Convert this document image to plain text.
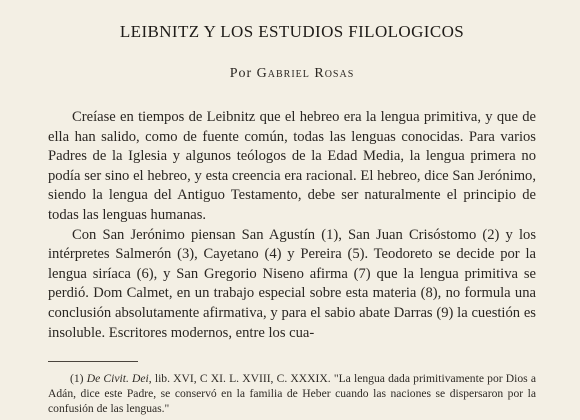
LEIBNITZ Y LOS ESTUDIOS FILOLOGICOS
Por Gabriel Rosas

Creíase en tiempos de Leibnitz que el hebreo era la lengua primitiva, y que de ella han salido, como de fuente común, todas las lenguas conocidas. Para varios Padres de la Iglesia y algunos teólogos de la Edad Media, la lengua primera no podía ser sino el hebreo, y esta creencia era racional. El hebreo, dice San Jerónimo, siendo la lengua del Antiguo Testamento, debe ser naturalmente el principio de todas las lenguas humanas.

Con San Jerónimo piensan San Agustín (1), San Juan Crisóstomo (2) y los intérpretes Salmerón (3), Cayetano (4) y Pereira (5). Teodoreto se decide por la lengua siríaca (6), y San Gregorio Niseno afirma (7) que la lengua primitiva se perdió. Dom Calmet, en un trabajo especial sobre esta materia (8), no formula una conclusión absolutamente afirmativa, y para el sabio abate Darras (9) la cuestión es insoluble. Escritores modernos, entre los cua-

(1) De Civit. Dei, lib. XVI, C XI. L. XVIII, C. XXXIX. "La lengua dada primitivamente por Dios a Adán, dice este Padre, se conservó en la familia de Heber cuando las naciones se dispersaron por la confusión de las lenguas."
